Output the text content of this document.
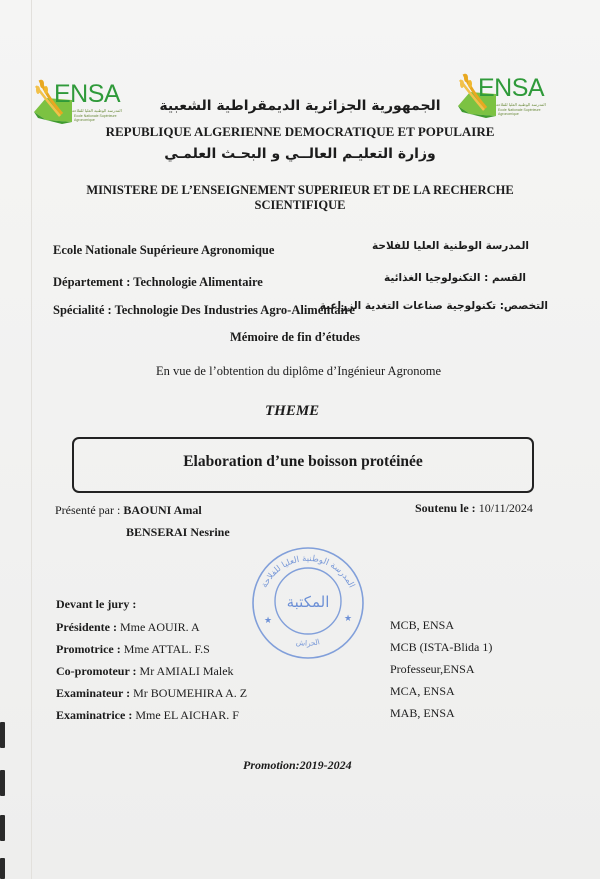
ENSA
المدرسة الوطنية العليا للفلاحة
Ecole Nationale Supérieure Agronomique
ENSA
المدرسة الوطنية العليا للفلاحة
Ecole Nationale Supérieure Agronomique
الجمهورية الجزائرية الديمقراطية الشعبية
REPUBLIQUE ALGERIENNE DEMOCRATIQUE ET POPULAIRE
وزارة التعليـم العالــي و البحـث العلمـي
MINISTERE DE L’ENSEIGNEMENT SUPERIEUR ET DE LA RECHERCHE
SCIENTIFIQUE
Ecole Nationale Supérieure Agronomique	المدرسة الوطنية العليا للفلاحة
Département : Technologie Alimentaire	القسم : التكنولوجيا الغذائية
Spécialité : Technologie Des Industries Agro-Alimentaire
التخصص: تكنولوجية صناعات التغدية الزراعية
Mémoire de fin d’études
En vue de l’obtention du diplôme d’Ingénieur Agronome
THEME
Elaboration d’une boisson protéinée
Présenté par : BAOUNI Amal
BENSERAI Nesrine
Soutenu le : 10/11/2024
المدرسة الوطنية العليا للفلاحة
الحراش
المكتبة
★	★
Devant le jury :
Présidente : Mme AOUIR. A	MCB, ENSA
Promotrice : Mme ATTAL. F.S	MCB (ISTA-Blida 1)
Co-promoteur : Mr AMIALI Malek	Professeur,ENSA
Examinateur : Mr BOUMEHIRA A. Z	MCA, ENSA
Examinatrice : Mme EL AICHAR. F	MAB, ENSA
Promotion:2019-2024
